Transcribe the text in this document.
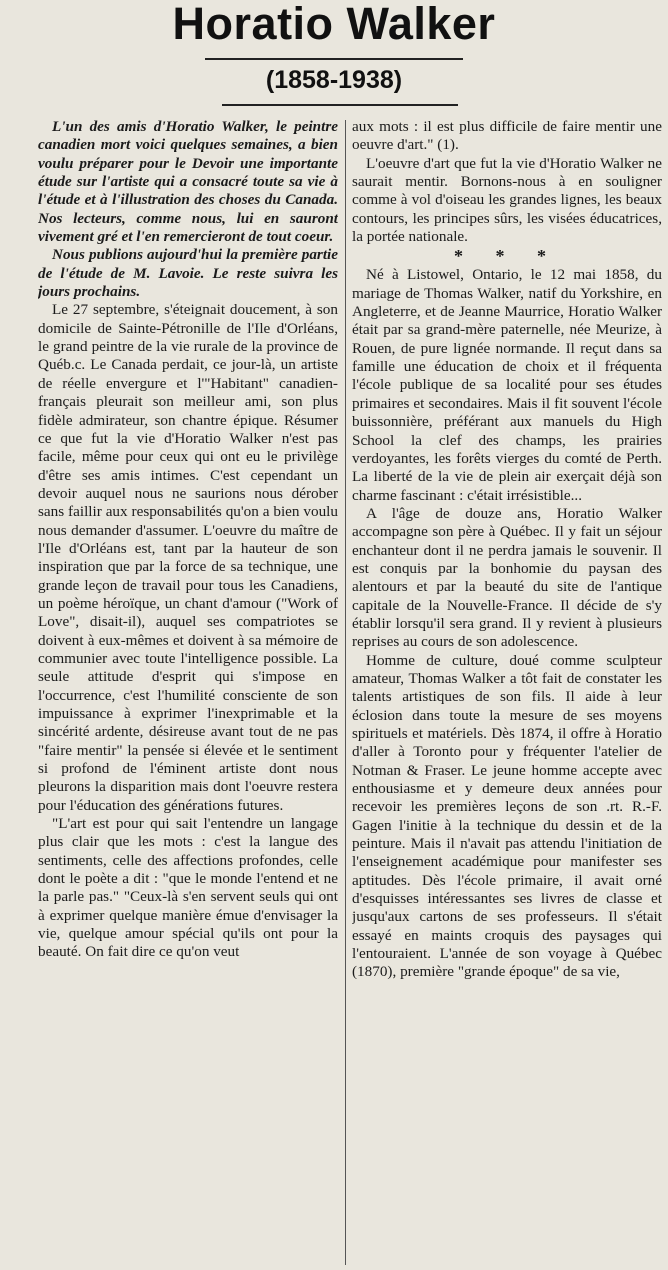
Horatio Walker
(1858-1938)

L'un des amis d'Horatio Walker, le peintre canadien mort voici quelques semaines, a bien voulu préparer pour le Devoir une importante étude sur l'artiste qui a consacré toute sa vie à l'étude et à l'illustration des choses du Canada. Nos lecteurs, comme nous, lui en sauront vivement gré et l'en remercieront de tout coeur.

Nous publions aujourd'hui la première partie de l'étude de M. Lavoie. Le reste suivra les jours prochains.

Le 27 septembre, s'éteignait doucement, à son domicile de Sainte-Pétronille de l'Ile d'Orléans, le grand peintre de la vie rurale de la province de Québ.c. Le Canada perdait, ce jour-là, un artiste de réelle envergure et l'"Habitant" canadien-français pleurait son meilleur ami, son plus fidèle admirateur, son chantre épique. Résumer ce que fut la vie d'Horatio Walker n'est pas facile, même pour ceux qui ont eu le privilège d'être ses amis intimes. C'est cependant un devoir auquel nous ne saurions nous dérober sans faillir aux responsabilités qu'on a bien voulu nous demander d'assumer. L'oeuvre du maître de l'Ile d'Orléans est, tant par la hauteur de son inspiration que par la force de sa technique, une grande leçon de travail pour tous les Canadiens, un poème héroïque, un chant d'amour ("Work of Love", disait-il), auquel ses compatriotes se doivent à eux-mêmes et doivent à sa mémoire de communier avec toute l'intelligence possible. La seule attitude d'esprit qui s'impose en l'occurrence, c'est l'humilité consciente de son impuissance à exprimer l'inexprimable et la sincérité ardente, désireuse avant tout de ne pas "faire mentir" la pensée si élevée et le sentiment si profond de l'éminent artiste dont nous pleurons la disparition mais dont l'oeuvre restera pour l'éducation des générations futures.

"L'art est pour qui sait l'entendre un langage plus clair que les mots : c'est la langue des sentiments, celle des affections profondes, celle dont le poète a dit : "que le monde l'entend et ne la parle pas." "Ceux-là s'en servent seuls qui ont à exprimer quelque manière émue d'envisager la vie, quelque amour spécial qu'ils ont pour la beauté. On fait dire ce qu'on veut

aux mots : il est plus difficile de faire mentir une oeuvre d'art." (1).

L'oeuvre d'art que fut la vie d'Horatio Walker ne saurait mentir. Bornons-nous à en souligner comme à vol d'oiseau les grandes lignes, les beaux contours, les principes sûrs, les visées éducatrices, la portée nationale.

* * *

Né à Listowel, Ontario, le 12 mai 1858, du mariage de Thomas Walker, natif du Yorkshire, en Angleterre, et de Jeanne Maurrice, Horatio Walker était par sa grand-mère paternelle, née Meurize, à Rouen, de pure lignée normande. Il reçut dans sa famille une éducation de choix et il fréquenta l'école publique de sa localité pour ses études primaires et secondaires. Mais il fit souvent l'école buissonnière, préférant aux manuels du High School la clef des champs, les prairies verdoyantes, les forêts vierges du comté de Perth. La liberté de la vie de plein air exerçait déjà son charme fascinant : c'était irrésistible...

A l'âge de douze ans, Horatio Walker accompagne son père à Québec. Il y fait un séjour enchanteur dont il ne perdra jamais le souvenir. Il est conquis par la bonhomie du paysan des alentours et par la beauté du site de l'antique capitale de la Nouvelle-France. Il décide de s'y établir lorsqu'il sera grand. Il y revient à plusieurs reprises au cours de son adolescence.

Homme de culture, doué comme sculpteur amateur, Thomas Walker a tôt fait de constater les talents artistiques de son fils. Il aide à leur éclosion dans toute la mesure de ses moyens spirituels et matériels. Dès 1874, il offre à Horatio d'aller à Toronto pour y fréquenter l'atelier de Notman & Fraser. Le jeune homme accepte avec enthousiasme et y demeure deux années pour recevoir les premières leçons de son .rt. R.-F. Gagen l'initie à la technique du dessin et de la peinture. Mais il n'avait pas attendu l'initiation de l'enseignement académique pour manifester ses aptitudes. Dès l'école primaire, il avait orné d'esquisses intéressantes ses livres de classe et jusqu'aux cartons de ses professeurs. Il s'était essayé en maints croquis des paysages qui l'entouraient. L'année de son voyage à Québec (1870), première "grande époque" de sa vie,
